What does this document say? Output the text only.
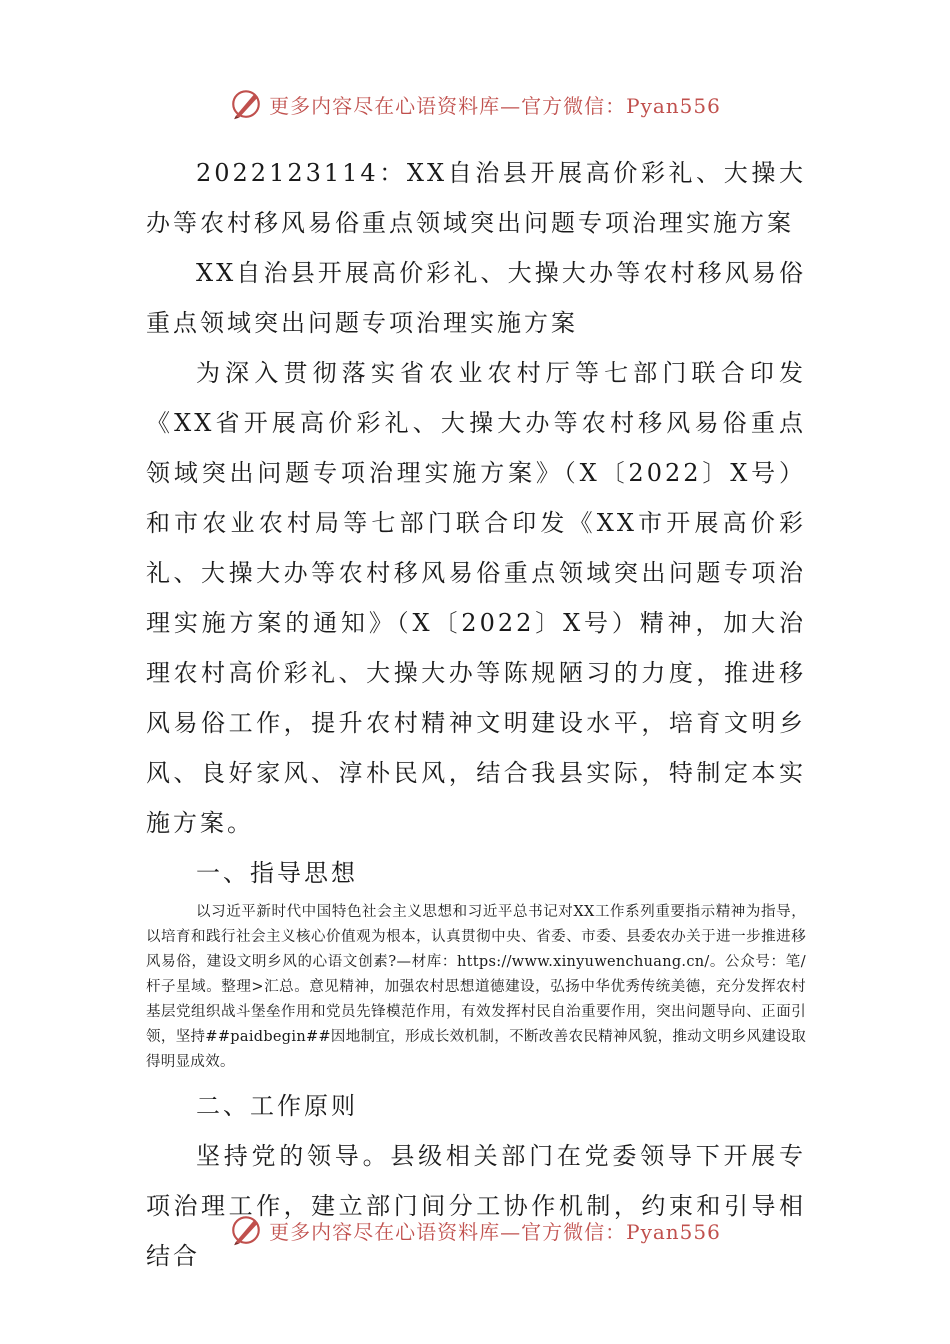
更多内容尽在心语资料库—官方微信：Pyan556

2022123114：XX自治县开展高价彩礼、大操大办等农村移风易俗重点领域突出问题专项治理实施方案

XX自治县开展高价彩礼、大操大办等农村移风易俗重点领域突出问题专项治理实施方案

为深入贯彻落实省农业农村厅等七部门联合印发《XX省开展高价彩礼、大操大办等农村移风易俗重点领域突出问题专项治理实施方案》（X〔2022〕X号）和市农业农村局等七部门联合印发《XX市开展高价彩礼、大操大办等农村移风易俗重点领域突出问题专项治理实施方案的通知》（X〔2022〕X号）精神，加大治理农村高价彩礼、大操大办等陈规陋习的力度，推进移风易俗工作，提升农村精神文明建设水平，培育文明乡风、良好家风、淳朴民风，结合我县实际，特制定本实施方案。

一、指导思想

以习近平新时代中国特色社会主义思想和习近平总书记对XX工作系列重要指示精神为指导，以培育和践行社会主义核心价值观为根本，认真贯彻中央、省委、市委、县委农办关于进一步推进移风易俗，建设文明乡风的心语文创素?—材库：https://www.xinyuwenchuang.cn/。公众号：笔/杆子星域。整理>汇总。意见精神，加强农村思想道德建设，弘扬中华优秀传统美德，充分发挥农村基层党组织战斗堡垒作用和党员先锋模范作用，有效发挥村民自治重要作用，突出问题导向、正面引领，坚持##paidbegin##因地制宜，形成长效机制，不断改善农民精神风貌，推动文明乡风建设取得明显成效。

二、工作原则

坚持党的领导。县级相关部门在党委领导下开展专项治理工作，建立部门间分工协作机制，约束和引导相结合

更多内容尽在心语资料库—官方微信：Pyan556
